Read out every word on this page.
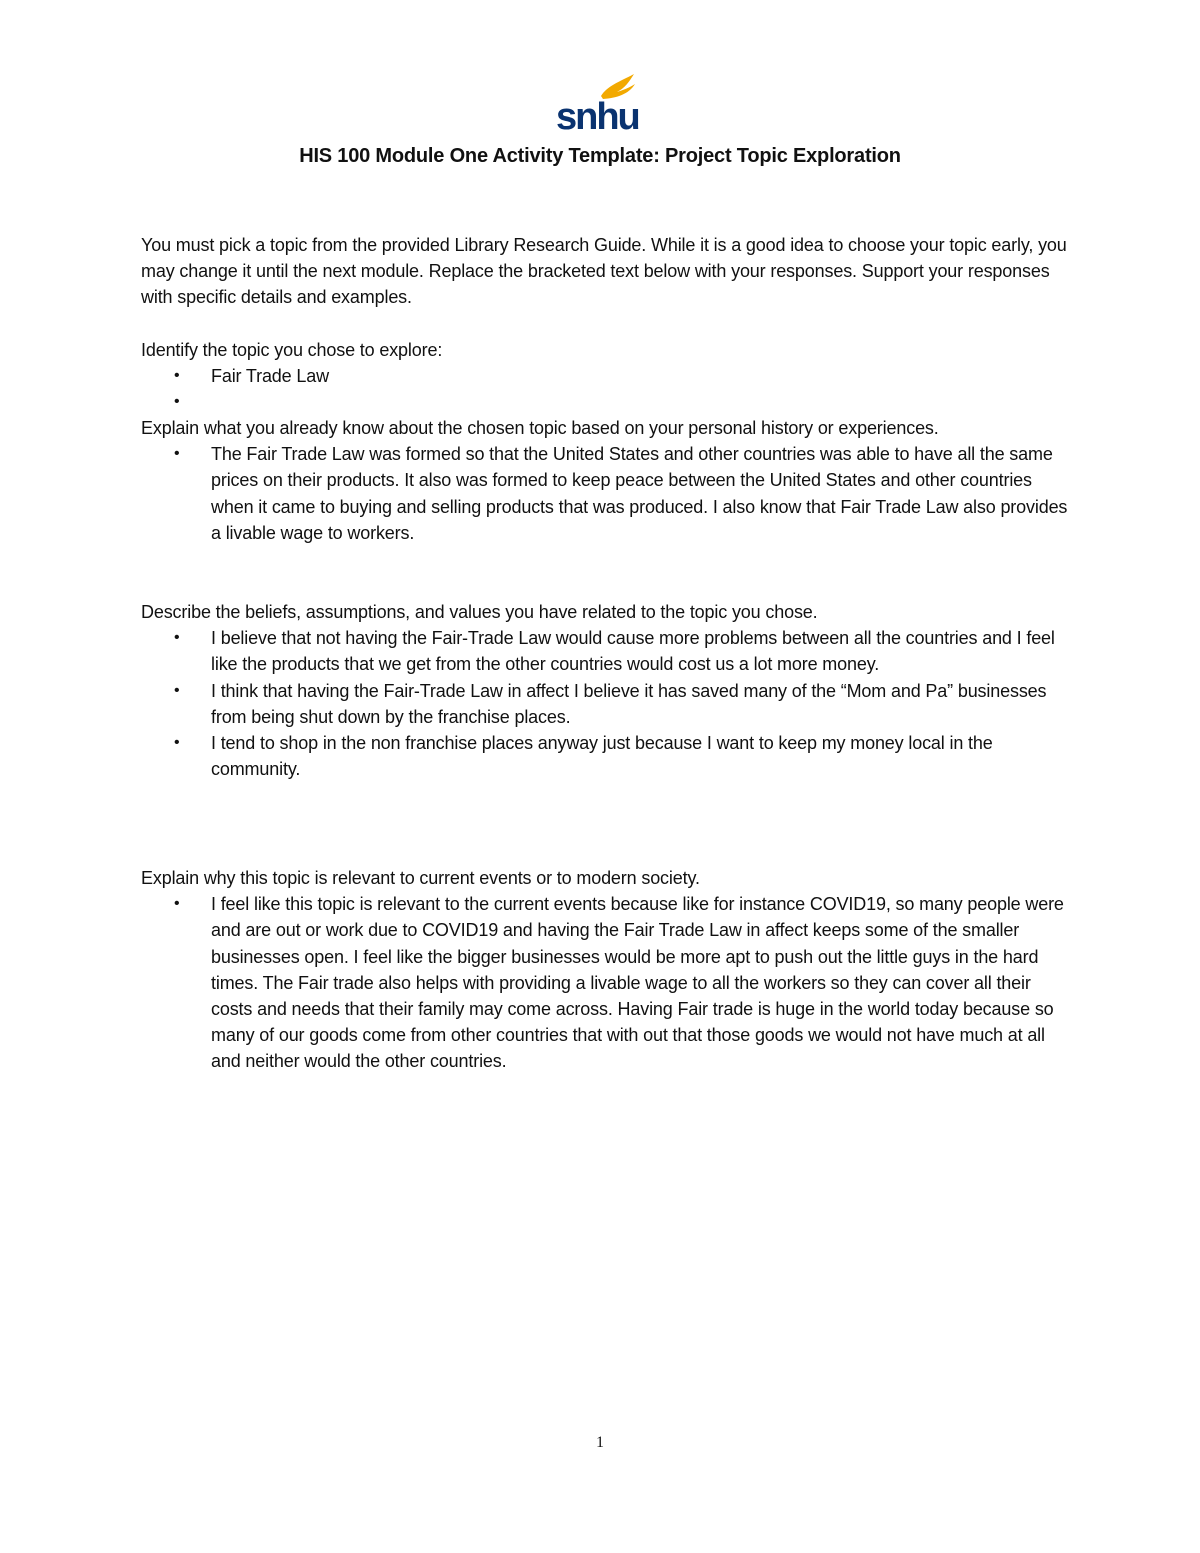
snhu
HIS 100 Module One Activity Template: Project Topic Exploration
You must pick a topic from the provided Library Research Guide. While it is a good idea to choose your topic early, you may change it until the next module. Replace the bracketed text below with your responses. Support your responses with specific details and examples.

Identify the topic you chose to explore:

• Fair Trade Law
•

Explain what you already know about the chosen topic based on your personal history or experiences.

• The Fair Trade Law was formed so that the United States and other countries was able to have all the same prices on their products. It also was formed to keep peace between the United States and other countries when it came to buying and selling products that was produced. I also know that Fair Trade Law also provides a livable wage to workers.

Describe the beliefs, assumptions, and values you have related to the topic you chose.

• I believe that not having the Fair-Trade Law would cause more problems between all the countries and I feel like the products that we get from the other countries would cost us a lot more money.
• I think that having the Fair-Trade Law in affect I believe it has saved many of the “Mom and Pa” businesses from being shut down by the franchise places.
• I tend to shop in the non franchise places anyway just because I want to keep my money local in the community.

Explain why this topic is relevant to current events or to modern society.

• I feel like this topic is relevant to the current events because like for instance COVID19, so many people were and are out or work due to COVID19 and having the Fair Trade Law in affect keeps some of the smaller businesses open. I feel like the bigger businesses would be more apt to push out the little guys in the hard times. The Fair trade also helps with providing a livable wage to all the workers so they can cover all their costs and needs that their family may come across. Having Fair trade is huge in the world today because so many of our goods come from other countries that with out that those goods we would not have much at all and neither would the other countries.
1
